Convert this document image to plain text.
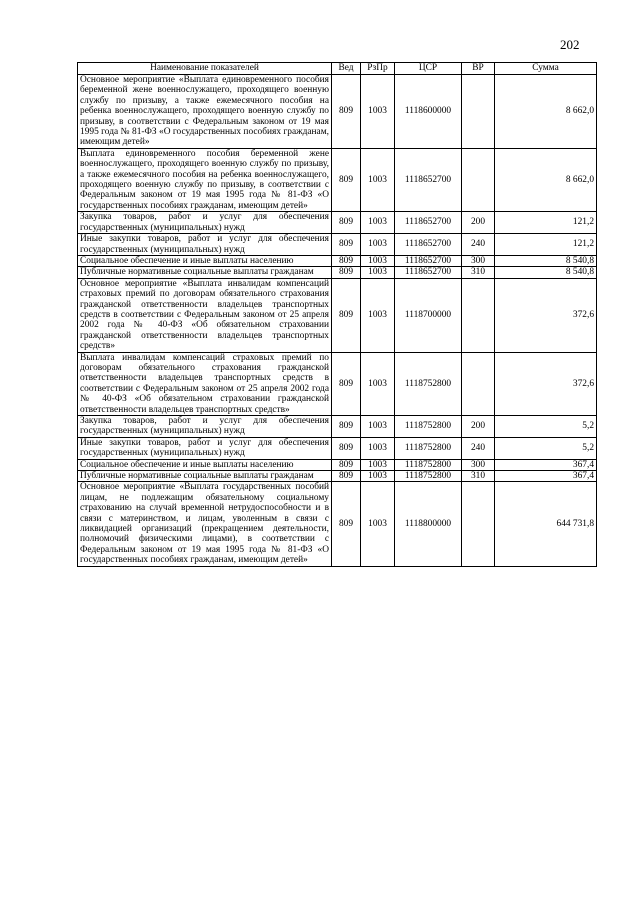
202
Наименование показателей	Вед	РзПр	ЦСР	ВР	Сумма
Основное мероприятие «Выплата единовременного пособия беременной жене военнослужащего, проходящего военную службу по призыву, а также ежемесячного пособия на ребенка военнослужащего, проходящего военную службу по призыву, в соответствии с Федеральным законом от 19 мая 1995 года № 81-ФЗ «О государственных пособиях гражданам, имеющим детей»	809	1003	1118600000		8 662,0
Выплата единовременного пособия беременной жене военнослужащего, проходящего военную службу по призыву, а также ежемесячного пособия на ребенка военнослужащего, проходящего военную службу по призыву, в соответствии с Федеральным законом от 19 мая 1995 года № 81-ФЗ «О государственных пособиях гражданам, имеющим детей»	809	1003	1118652700		8 662,0
Закупка товаров, работ и услуг для обеспечения государственных (муниципальных) нужд	809	1003	1118652700	200	121,2
Иные закупки товаров, работ и услуг для обеспечения государственных (муниципальных) нужд	809	1003	1118652700	240	121,2
Социальное обеспечение и иные выплаты населению	809	1003	1118652700	300	8 540,8
Публичные нормативные социальные выплаты гражданам	809	1003	1118652700	310	8 540,8
Основное мероприятие «Выплата инвалидам компенсаций страховых премий по договорам обязательного страхования гражданской ответственности владельцев транспортных средств в соответствии с Федеральным законом от 25 апреля 2002 года № 40-ФЗ «Об обязательном страховании гражданской ответственности владельцев транспортных средств»	809	1003	1118700000		372,6
Выплата инвалидам компенсаций страховых премий по договорам обязательного страхования гражданской ответственности владельцев транспортных средств в соответствии с Федеральным законом от 25 апреля 2002 года № 40-ФЗ «Об обязательном страховании гражданской ответственности владельцев транспортных средств»	809	1003	1118752800		372,6
Закупка товаров, работ и услуг для обеспечения государственных (муниципальных) нужд	809	1003	1118752800	200	5,2
Иные закупки товаров, работ и услуг для обеспечения государственных (муниципальных) нужд	809	1003	1118752800	240	5,2
Социальное обеспечение и иные выплаты населению	809	1003	1118752800	300	367,4
Публичные нормативные социальные выплаты гражданам	809	1003	1118752800	310	367,4
Основное мероприятие «Выплата государственных пособий лицам, не подлежащим обязательному социальному страхованию на случай временной нетрудоспособности и в связи с материнством, и лицам, уволенным в связи с ликвидацией организаций (прекращением деятельности, полномочий физическими лицами), в соответствии с Федеральным законом от 19 мая 1995 года № 81-ФЗ «О государственных пособиях гражданам, имеющим детей»	809	1003	1118800000		644 731,8
